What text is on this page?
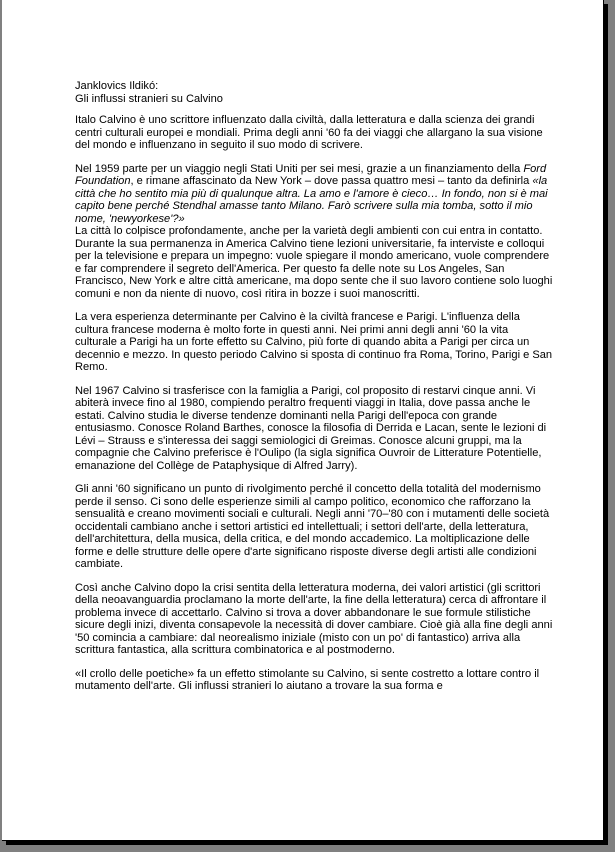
Janklovics Ildikó:
Gli influssi stranieri su Calvino

Italo Calvino è uno scrittore influenzato dalla civiltà, dalla letteratura e dalla scienza dei grandi centri culturali europei e mondiali. Prima degli anni '60 fa dei viaggi che allargano la sua visione del mondo e influenzano in seguito il suo modo di scrivere.

Nel 1959 parte per un viaggio negli Stati Uniti per sei mesi, grazie a un finanziamento della Ford Foundation, e rimane affascinato da New York – dove passa quattro mesi – tanto da definirla «la città che ho sentito mia più di qualunque altra. La amo e l'amore è cieco… In fondo, non si è mai capito bene perché Stendhal amasse tanto Milano. Farò scrivere sulla mia tomba, sotto il mio nome, 'newyorkese'?»

La città lo colpisce profondamente, anche per la varietà degli ambienti con cui entra in contatto. Durante la sua permanenza in America Calvino tiene lezioni universitarie, fa interviste e colloqui per la televisione e prepara un impegno: vuole spiegare il mondo americano, vuole comprendere e far comprendere il segreto dell'America. Per questo fa delle note su Los Angeles, San Francisco, New York e altre città americane, ma dopo sente che il suo lavoro contiene solo luoghi comuni e non da niente di nuovo, così ritira in bozze i suoi manoscritti.

La vera esperienza determinante per Calvino è la civiltà francese e Parigi. L'influenza della cultura francese moderna è molto forte in questi anni. Nei primi anni degli anni '60 la vita culturale a Parigi ha un forte effetto su Calvino, più forte di quando abita a Parigi per circa un decennio e mezzo. In questo periodo Calvino si sposta di continuo fra Roma, Torino, Parigi e San Remo.

Nel 1967 Calvino si trasferisce con la famiglia a Parigi, col proposito di restarvi cinque anni. Vi abiterà invece fino al 1980, compiendo peraltro frequenti viaggi in Italia, dove passa anche le estati. Calvino studia le diverse tendenze dominanti nella Parigi dell'epoca con grande entusiasmo. Conosce Roland Barthes, conosce la filosofia di Derrida e Lacan, sente le lezioni di Lévi – Strauss e s'interessa dei saggi semiologici di Greimas. Conosce alcuni gruppi, ma la compagnie che Calvino preferisce è l'Oulipo (la sigla significa Ouvroir de Litterature Potentielle, emanazione del Collège de Pataphysique di Alfred Jarry).

Gli anni '60 significano un punto di rivolgimento perché il concetto della totalità del modernismo perde il senso. Ci sono delle esperienze simili al campo politico, economico che rafforzano la sensualità e creano movimenti sociali e culturali. Negli anni '70–'80 con i mutamenti delle società occidentali cambiano anche i settori artistici ed intellettuali; i settori dell'arte, della letteratura, dell'architettura, della musica, della critica, e del mondo accademico. La moltiplicazione delle forme e delle strutture delle opere d'arte significano risposte diverse degli artisti alle condizioni cambiate.

Così anche Calvino dopo la crisi sentita della letteratura moderna, dei valori artistici (gli scrittori della neoavanguardia proclamano la morte dell'arte, la fine della letteratura) cerca di affrontare il problema invece di accettarlo. Calvino si trova a dover abbandonare le sue formule stilistiche sicure degli inizi, diventa consapevole la necessità di dover cambiare. Cioè già alla fine degli anni '50 comincia a cambiare: dal neorealismo iniziale (misto con un po' di fantastico) arriva alla scrittura fantastica, alla scrittura combinatorica e al postmoderno.

«Il crollo delle poetiche» fa un effetto stimolante su Calvino, si sente costretto a lottare contro il mutamento dell'arte. Gli influssi stranieri lo aiutano a trovare la sua forma e
